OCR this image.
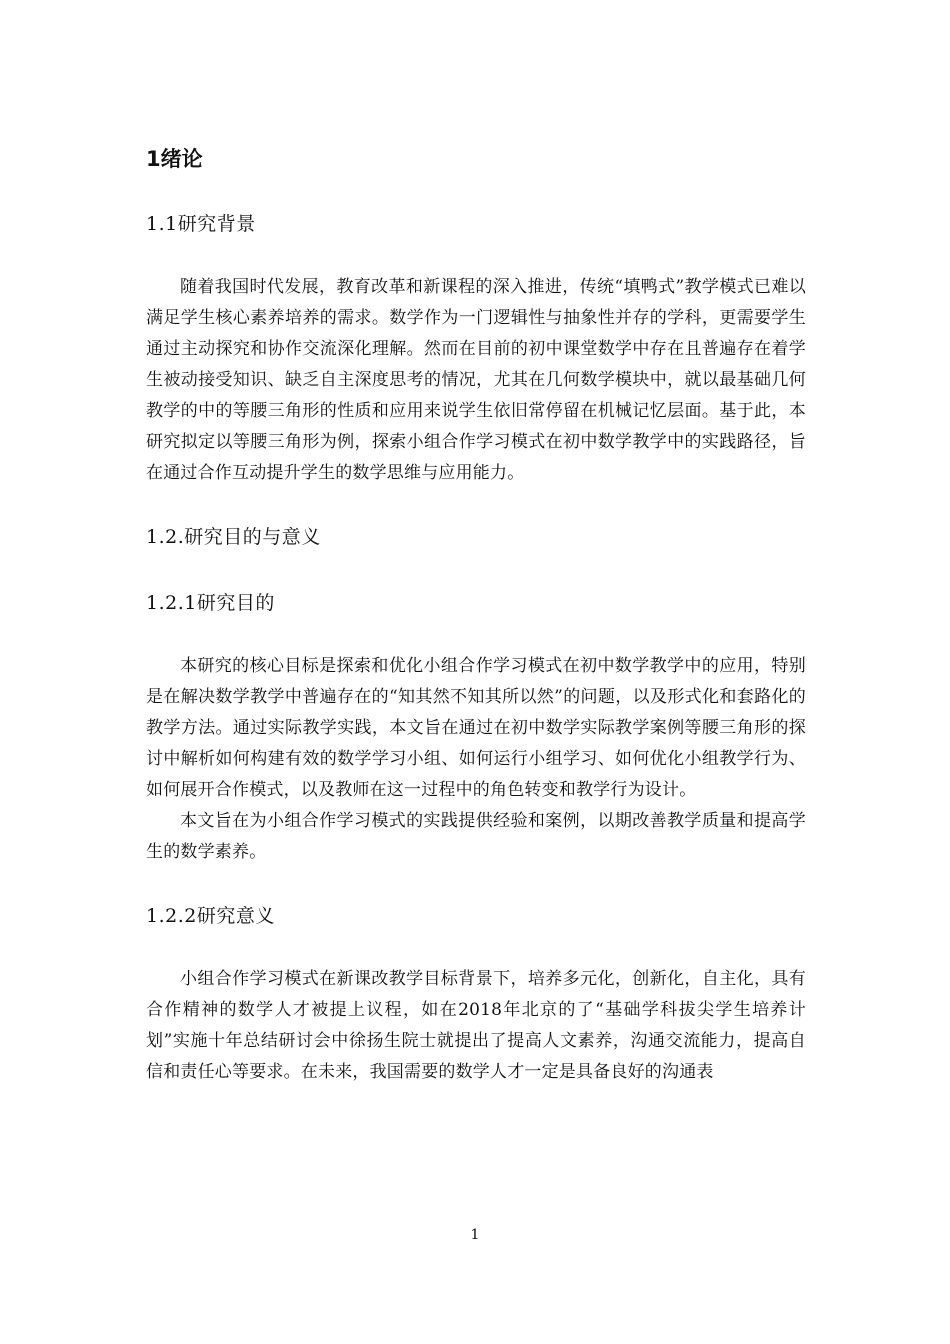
1绪论
1.1研究背景

随着我国时代发展，教育改革和新课程的深入推进，传统“填鸭式”教学模式已难以满足学生核心素养培养的需求。数学作为一门逻辑性与抽象性并存的学科，更需要学生通过主动探究和协作交流深化理解。然而在目前的初中课堂数学中存在且普遍存在着学生被动接受知识、缺乏自主深度思考的情况，尤其在几何数学模块中，就以最基础几何教学的中的等腰三角形的性质和应用来说学生依旧常停留在机械记忆层面。基于此，本研究拟定以等腰三角形为例，探索小组合作学习模式在初中数学教学中的实践路径，旨在通过合作互动提升学生的数学思维与应用能力。

1.2.研究目的与意义
1.2.1研究目的

本研究的核心目标是探索和优化小组合作学习模式在初中数学教学中的应用，特别是在解决数学教学中普遍存在的“知其然不知其所以然”的问题，以及形式化和套路化的教学方法。通过实际教学实践，本文旨在通过在初中数学实际教学案例等腰三角形的探讨中解析如何构建有效的数学学习小组、如何运行小组学习、如何优化小组教学行为、如何展开合作模式，以及教师在这一过程中的角色转变和教学行为设计。

本文旨在为小组合作学习模式的实践提供经验和案例，以期改善教学质量和提高学生的数学素养。

1.2.2研究意义

小组合作学习模式在新课改教学目标背景下，培养多元化，创新化，自主化，具有合作精神的数学人才被提上议程，如在2018年北京的了“基础学科拔尖学生培养计划”实施十年总结研讨会中徐扬生院士就提出了提高人文素养，沟通交流能力，提高自信和责任心等要求。在未来，我国需要的数学人才一定是具备良好的沟通表

1
